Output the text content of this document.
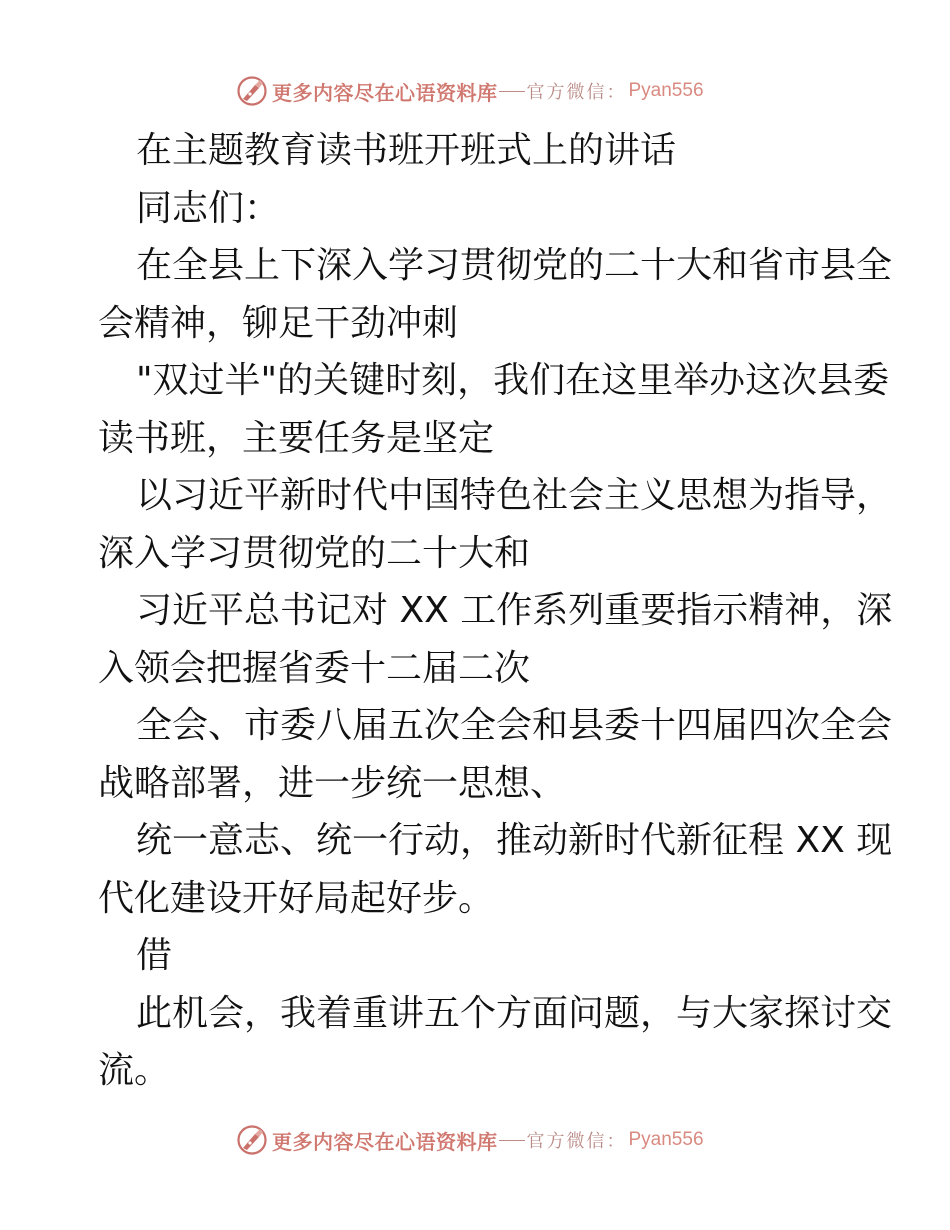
更多内容尽在心语资料库 官方微信： Pyan556
在主题教育读书班开班式上的讲话
同志们：
在全县上下深入学习贯彻党的二十大和省市县全
会精神，铆足干劲冲刺
"双过半"的关键时刻，我们在这里举办这次县委
读书班，主要任务是坚定
以习近平新时代中国特色社会主义思想为指导，
深入学习贯彻党的二十大和
习近平总书记对 XX 工作系列重要指示精神，深
入领会把握省委十二届二次
全会、市委八届五次全会和县委十四届四次全会
战略部署，进一步统一思想、
统一意志、统一行动，推动新时代新征程 XX 现
代化建设开好局起好步。
借
此机会，我着重讲五个方面问题，与大家探讨交
流。
更多内容尽在心语资料库 官方微信： Pyan556
